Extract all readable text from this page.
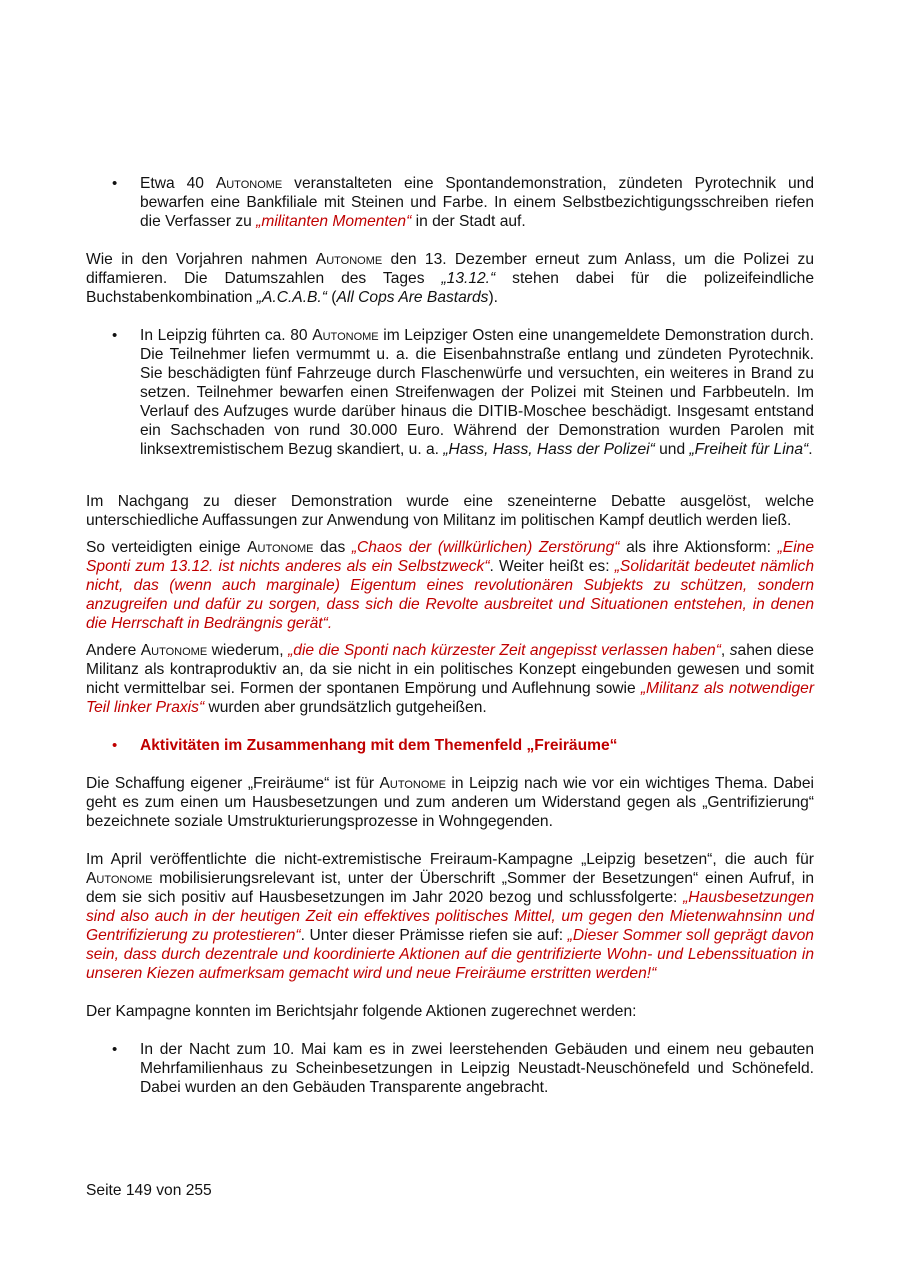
• Etwa 40 Autonome veranstalteten eine Spontandemonstration, zündeten Pyrotechnik und bewarfen eine Bankfiliale mit Steinen und Farbe. In einem Selbstbezichtigungsschreiben riefen die Verfasser zu „militanten Momenten“ in der Stadt auf.

Wie in den Vorjahren nahmen Autonome den 13. Dezember erneut zum Anlass, um die Polizei zu diffamieren. Die Datumszahlen des Tages „13.12.“ stehen dabei für die polizeifeindliche Buchstabenkombination „A.C.A.B.“ (All Cops Are Bastards).

• In Leipzig führten ca. 80 Autonome im Leipziger Osten eine unangemeldete Demonstration durch. Die Teilnehmer liefen vermummt u. a. die Eisenbahnstraße entlang und zündeten Pyrotechnik. Sie beschädigten fünf Fahrzeuge durch Flaschenwürfe und versuchten, ein weiteres in Brand zu setzen. Teilnehmer bewarfen einen Streifenwagen der Polizei mit Steinen und Farbbeuteln. Im Verlauf des Aufzuges wurde darüber hinaus die DITIB-Moschee beschädigt. Insgesamt entstand ein Sachschaden von rund 30.000 Euro. Während der Demonstration wurden Parolen mit linksextremistischem Bezug skandiert, u. a. „Hass, Hass, Hass der Polizei“ und „Freiheit für Lina“.

Im Nachgang zu dieser Demonstration wurde eine szeneinterne Debatte ausgelöst, welche unterschiedliche Auffassungen zur Anwendung von Militanz im politischen Kampf deutlich werden ließ.

So verteidigten einige Autonome das „Chaos der (willkürlichen) Zerstörung“ als ihre Aktionsform: „Eine Sponti zum 13.12. ist nichts anderes als ein Selbstzweck“. Weiter heißt es: „Solidarität bedeutet nämlich nicht, das (wenn auch marginale) Eigentum eines revolutionären Subjekts zu schützen, sondern anzugreifen und dafür zu sorgen, dass sich die Revolte ausbreitet und Situationen entstehen, in denen die Herrschaft in Bedrängnis gerät“.

Andere Autonome wiederum, „die die Sponti nach kürzester Zeit angepisst verlassen haben“, sahen diese Militanz als kontraproduktiv an, da sie nicht in ein politisches Konzept eingebunden gewesen und somit nicht vermittelbar sei. Formen der spontanen Empörung und Auflehnung sowie „Militanz als notwendiger Teil linker Praxis“ wurden aber grundsätzlich gutgeheißen.

• Aktivitäten im Zusammenhang mit dem Themenfeld „Freiräume“

Die Schaffung eigener „Freiräume“ ist für Autonome in Leipzig nach wie vor ein wichtiges Thema. Dabei geht es zum einen um Hausbesetzungen und zum anderen um Widerstand gegen als „Gentrifizierung“ bezeichnete soziale Umstrukturierungsprozesse in Wohngegenden.

Im April veröffentlichte die nicht-extremistische Freiraum-Kampagne „Leipzig besetzen“, die auch für Autonome mobilisierungsrelevant ist, unter der Überschrift „Sommer der Besetzungen“ einen Aufruf, in dem sie sich positiv auf Hausbesetzungen im Jahr 2020 bezog und schlussfolgerte: „Hausbesetzungen sind also auch in der heutigen Zeit ein effektives politisches Mittel, um gegen den Mietenwahnsinn und Gentrifizierung zu protestieren“. Unter dieser Prämisse riefen sie auf: „Dieser Sommer soll geprägt davon sein, dass durch dezentrale und koordinierte Aktionen auf die gentrifizierte Wohn- und Lebenssituation in unseren Kiezen aufmerksam gemacht wird und neue Freiräume erstritten werden!“

Der Kampagne konnten im Berichtsjahr folgende Aktionen zugerechnet werden:

• In der Nacht zum 10. Mai kam es in zwei leerstehenden Gebäuden und einem neu gebauten Mehrfamilienhaus zu Scheinbesetzungen in Leipzig Neustadt-Neuschönefeld und Schönefeld. Dabei wurden an den Gebäuden Transparente angebracht.

Seite 149 von 255
